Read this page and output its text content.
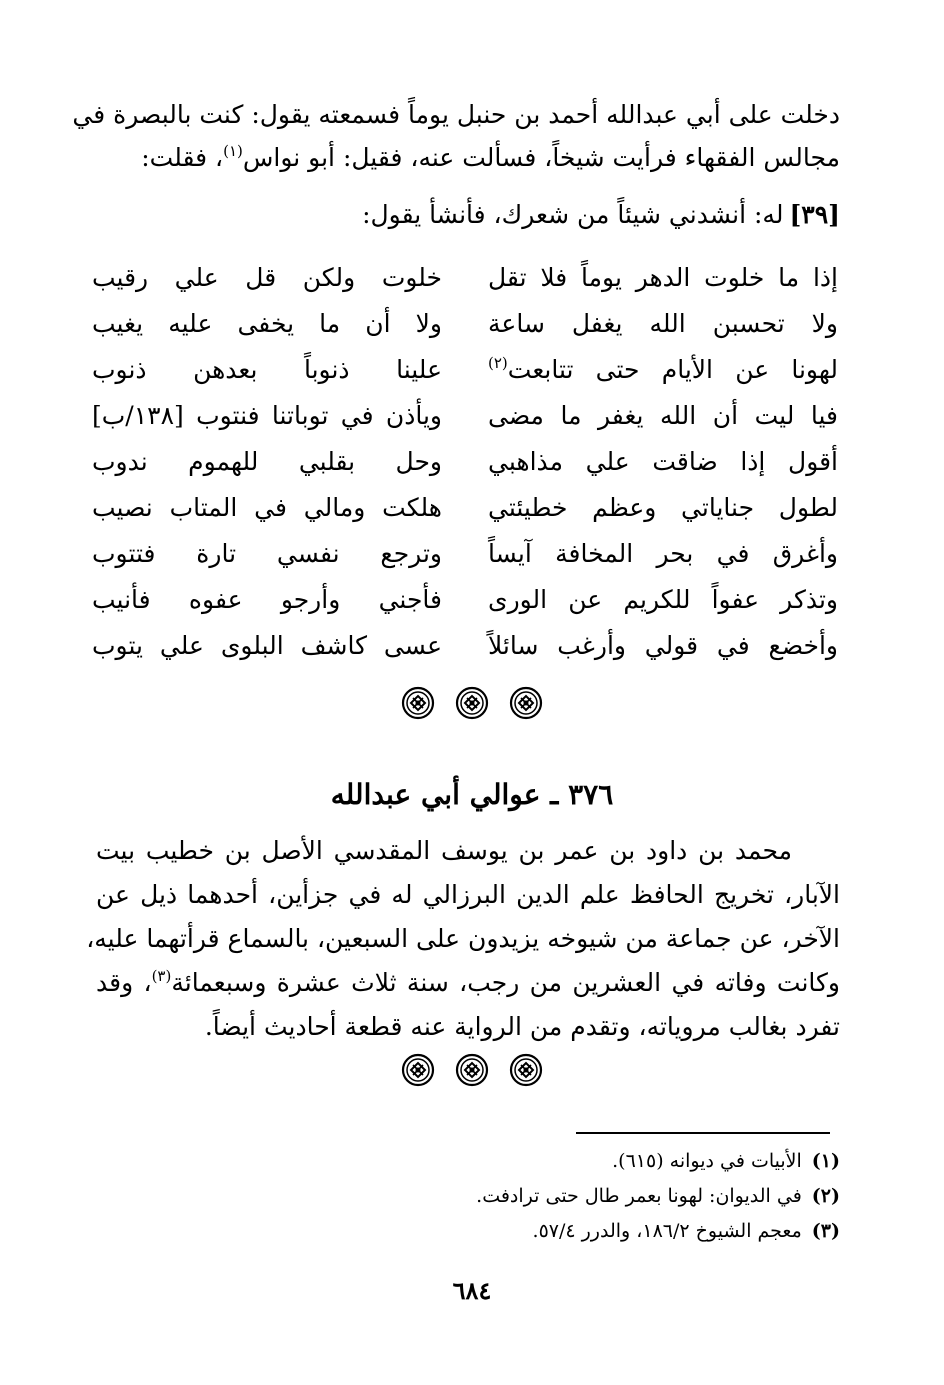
دخلت على أبي عبدالله أحمد بن حنبل يوماً فسمعته يقول: كنت بالبصرة في
مجالس الفقهاء فرأيت شيخاً، فسألت عنه، فقيل: أبو نواس$^{(١)}$، فقلت:
[٣٩]له: أنشدني شيئاً من شعرك، فأنشأ يقول:
إذا ما خلوت الدهر يوماً فلا تقل
خلوت ولكن قل علي رقيب
ولا تحسبن الله يغفل ساعة
ولا أن ما يخفى عليه يغيب
لهونا عن الأيام حتى تتابعت$^{(٢)}$
علينا ذنوباً بعدهن ذنوب
فيا ليت أن الله يغفر ما مضى
ويأذن في توباتنا فنتوب [١٣٨/ب]
أقول إذا ضاقت علي مذاهبي
وحل بقلبي للهموم ندوب
لطول جناياتي وعظم خطيئتي
هلكت ومالي في المتاب نصيب
وأغرق في بحر المخافة آيساً
وترجع نفسي تارة فتتوب
وتذكر عفواً للكريم عن الورى
فأجني وأرجو عفوه فأنيب
وأخضع في قولي وأرغب سائلاً
عسى كاشف البلوى علي يتوب
٣٧٦ ـ عوالي أبي عبدالله
محمد بن داود بن عمر بن يوسف المقدسي الأصل بن خطيب بيت
الآبار، تخريج الحافظ علم الدين البرزالي له في جزأين، أحدهما ذيل عن
الآخر، عن جماعة من شيوخه يزيدون على السبعين، بالسماع قرأتهما عليه،
وكانت وفاته في العشرين من رجب، سنة ثلاث عشرة وسبعمائة$^{(٣)}$، وقد
تفرد بغالب مروياته، وتقدم من الرواية عنه قطعة أحاديث أيضاً.
(١)الأبيات في ديوانه (٦١٥).
(٢)في الديوان: لهونا بعمر طال حتى ترادفت.
(٣)معجم الشيوخ ١٨٦/٢، والدرر ٥٧/٤.
٦٨٤
